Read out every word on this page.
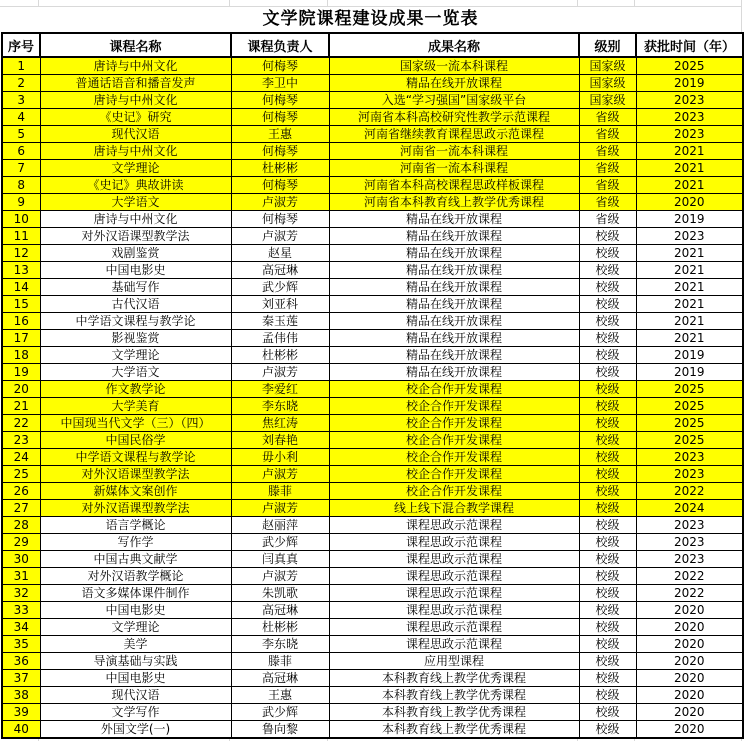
文学院课程建设成果一览表
序号	课程名称	课程负责人	成果名称	级别	获批时间（年）
1	唐诗与中州文化	何梅琴	国家级一流本科课程	国家级	2025
2	普通话语音和播音发声	李卫中	精品在线开放课程	国家级	2019
3	唐诗与中州文化	何梅琴	入选“学习强国”国家级平台	国家级	2023
4	《史记》研究	何梅琴	河南省本科高校研究性教学示范课程	省级	2023
5	现代汉语	王惠	河南省继续教育课程思政示范课程	省级	2023
6	唐诗与中州文化	何梅琴	河南省一流本科课程	省级	2021
7	文学理论	杜彬彬	河南省一流本科课程	省级	2021
8	《史记》典故讲读	何梅琴	河南省本科高校课程思政样板课程	省级	2021
9	大学语文	卢淑芳	河南省本科教育线上教学优秀课程	省级	2020
10	唐诗与中州文化	何梅琴	精品在线开放课程	省级	2019
11	对外汉语课型教学法	卢淑芳	精品在线开放课程	校级	2023
12	戏剧鉴赏	赵星	精品在线开放课程	校级	2021
13	中国电影史	高冠琳	精品在线开放课程	校级	2021
14	基础写作	武少辉	精品在线开放课程	校级	2021
15	古代汉语	刘亚科	精品在线开放课程	校级	2021
16	中学语文课程与教学论	秦玉莲	精品在线开放课程	校级	2021
17	影视鉴赏	孟伟伟	精品在线开放课程	校级	2021
18	文学理论	杜彬彬	精品在线开放课程	校级	2019
19	大学语文	卢淑芳	精品在线开放课程	校级	2019
20	作文教学论	李爱红	校企合作开发课程	校级	2025
21	大学美育	李东晓	校企合作开发课程	校级	2025
22	中国现当代文学（三）（四）	焦红涛	校企合作开发课程	校级	2025
23	中国民俗学	刘春艳	校企合作开发课程	校级	2025
24	中学语文课程与教学论	毋小利	校企合作开发课程	校级	2023
25	对外汉语课型教学法	卢淑芳	校企合作开发课程	校级	2023
26	新媒体文案创作	滕菲	校企合作开发课程	校级	2022
27	对外汉语课型教学法	卢淑芳	线上线下混合教学课程	校级	2024
28	语言学概论	赵丽萍	课程思政示范课程	校级	2023
29	写作学	武少辉	课程思政示范课程	校级	2023
30	中国古典文献学	闫真真	课程思政示范课程	校级	2023
31	对外汉语教学概论	卢淑芳	课程思政示范课程	校级	2022
32	语文多媒体课件制作	朱凯歌	课程思政示范课程	校级	2022
33	中国电影史	高冠琳	课程思政示范课程	校级	2020
34	文学理论	杜彬彬	课程思政示范课程	校级	2020
35	美学	李东晓	课程思政示范课程	校级	2020
36	导演基础与实践	滕菲	应用型课程	校级	2020
37	中国电影史	高冠琳	本科教育线上教学优秀课程	校级	2020
38	现代汉语	王惠	本科教育线上教学优秀课程	校级	2020
39	文学写作	武少辉	本科教育线上教学优秀课程	校级	2020
40	外国文学(一)	鲁向黎	本科教育线上教学优秀课程	校级	2020
